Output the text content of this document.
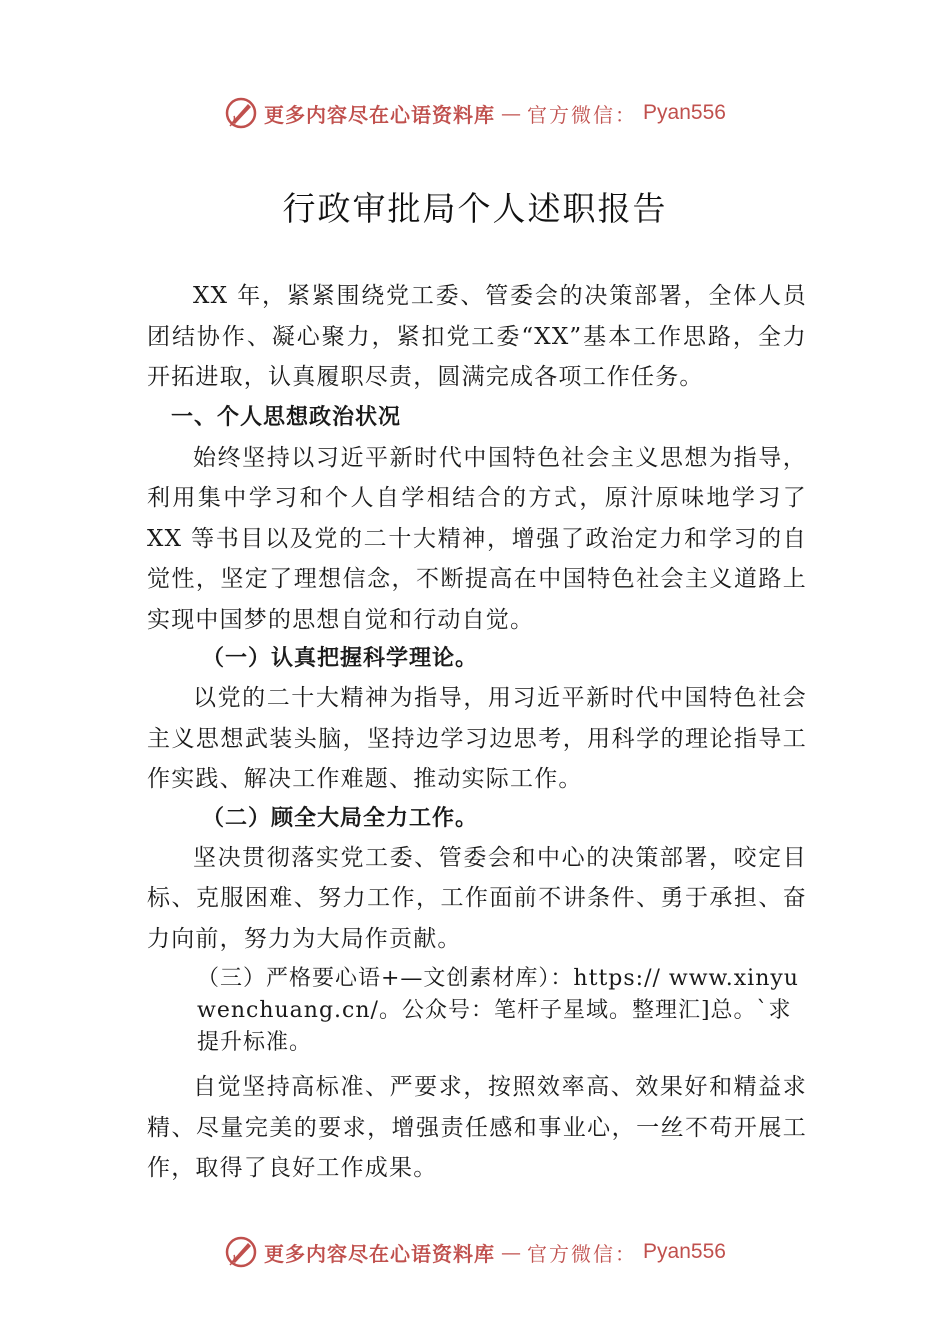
更多内容尽在心语资料库 — 官方微信： Pyan556
行政审批局个人述职报告

XX 年，紧紧围绕党工委、管委会的决策部署，全体人员团结协作、凝心聚力，紧扣党工委“XX”基本工作思路，全力开拓进取，认真履职尽责，圆满完成各项工作任务。

一、个人思想政治状况

始终坚持以习近平新时代中国特色社会主义思想为指导，利用集中学习和个人自学相结合的方式，原汁原味地学习了 XX 等书目以及党的二十大精神，增强了政治定力和学习的自觉性，坚定了理想信念，不断提高在中国特色社会主义道路上实现中国梦的思想自觉和行动自觉。

（一）认真把握科学理论。

以党的二十大精神为指导，用习近平新时代中国特色社会主义思想武装头脑，坚持边学习边思考，用科学的理论指导工作实践、解决工作难题、推动实际工作。

（二）顾全大局全力工作。

坚决贯彻落实党工委、管委会和中心的决策部署，咬定目标、克服困难、努力工作，工作面前不讲条件、勇于承担、奋力向前，努力为大局作贡献。

（三）严格要心语+—文创素材库）：https:// www.xinyuwenchuang.cn/。公众号：笔杆子星域。整理汇]总。`求提升标准。

自觉坚持高标准、严要求，按照效率高、效果好和精益求精、尽量完美的要求，增强责任感和事业心，一丝不苟开展工作，取得了良好工作成果。

更多内容尽在心语资料库 — 官方微信： Pyan556
